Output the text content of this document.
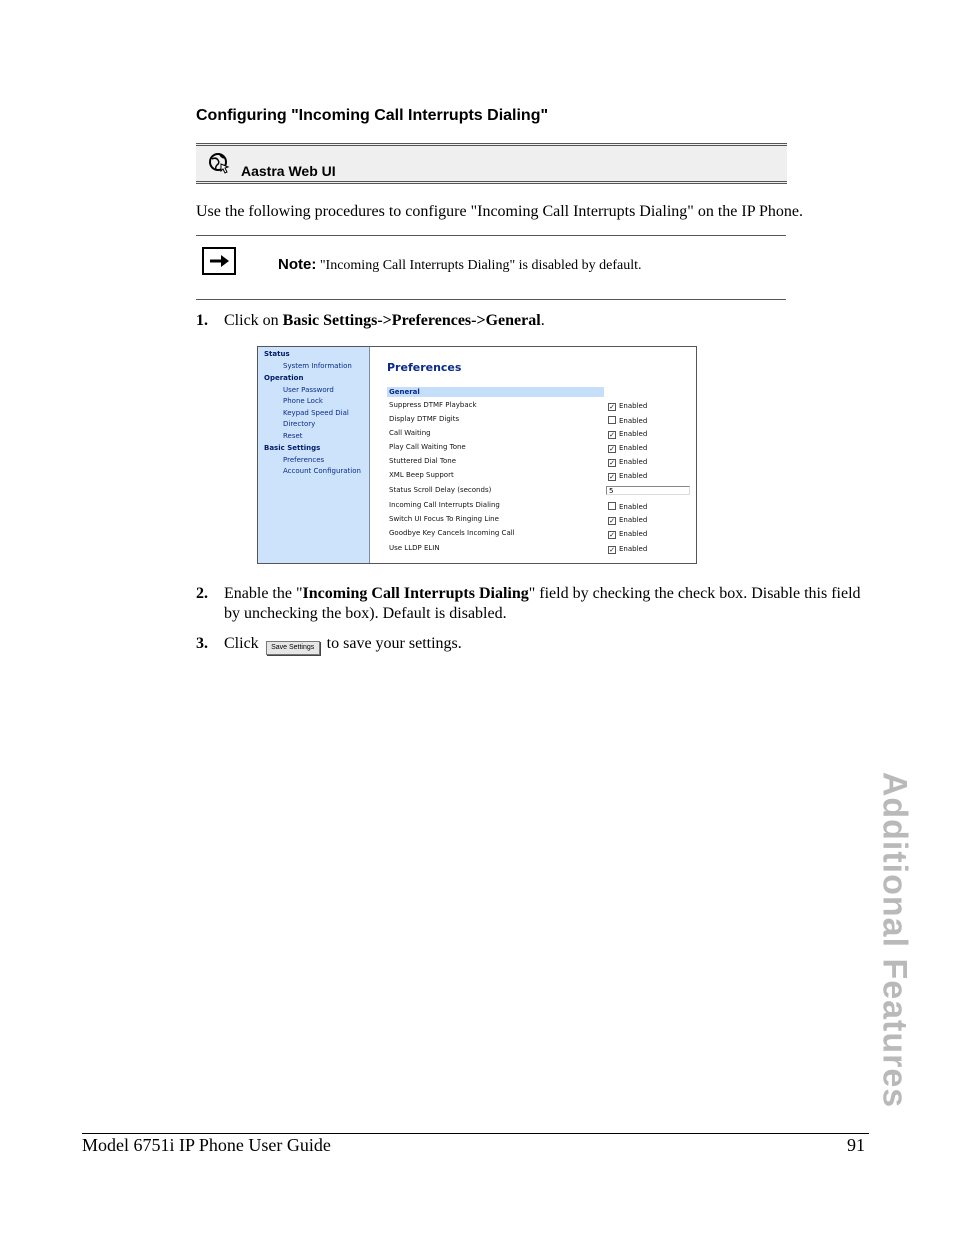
Configuring "Incoming Call Interrupts Dialing"
Aastra Web UI
Use the following procedures to configure "Incoming Call Interrupts Dialing" on the IP Phone.
Note: "Incoming Call Interrupts Dialing" is disabled by default.
1. Click on Basic Settings->Preferences->General.
Status
System Information
Operation
User Password
Phone Lock
Keypad Speed Dial
Directory
Reset
Basic Settings
Preferences
Account Configuration
Preferences
General
Suppress DTMF Playback	✓ Enabled
Display DTMF Digits	Enabled
Call Waiting	✓ Enabled
Play Call Waiting Tone	✓ Enabled
Stuttered Dial Tone	✓ Enabled
XML Beep Support	✓ Enabled
Status Scroll Delay (seconds)	5
Incoming Call Interrupts Dialing	Enabled
Switch UI Focus To Ringing Line	✓ Enabled
Goodbye Key Cancels Incoming Call	✓ Enabled
Use LLDP ELIN	✓ Enabled
2. Enable the "Incoming Call Interrupts Dialing" field by checking the check box. Disable this field by unchecking the box). Default is disabled.
3. Click Save Settings to save your settings.
Additional Features
Model 6751i IP Phone User Guide	91
